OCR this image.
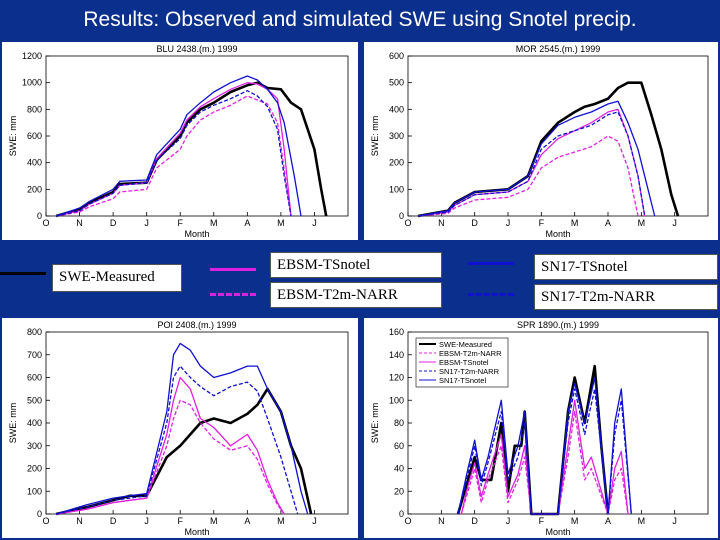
Results: Observed and simulated SWE using Snotel precip.
BLU 2438.(m.) 1999
0
200
400
600
800
1000
1200
O	N	D	J	F	M	A	M	J
Month
SWE: mm
MOR 2545.(m.) 1999
0
100
200
300
400
500
600
O	N	D	J	F	M	A	M	J
Month
SWE: mm
POI 2408.(m.) 1999
0
100
200
300
400
500
600
700
800
O	N	D	J	F	M	A	M	J
Month
SWE: mm
SPR 1890.(m.) 1999
0
20
40
60
80
100
120
140
160
O	N	D	J	F	M	A	M	J
Month
SWE: mm
SWE-Measured
EBSM-T2m-NARR
EBSM-TSnotel
SN17-T2m-NARR
SN17-TSnotel
SWE-Measured
EBSM-TSnotel
EBSM-T2m-NARR
SN17-TSnotel
SN17-T2m-NARR
